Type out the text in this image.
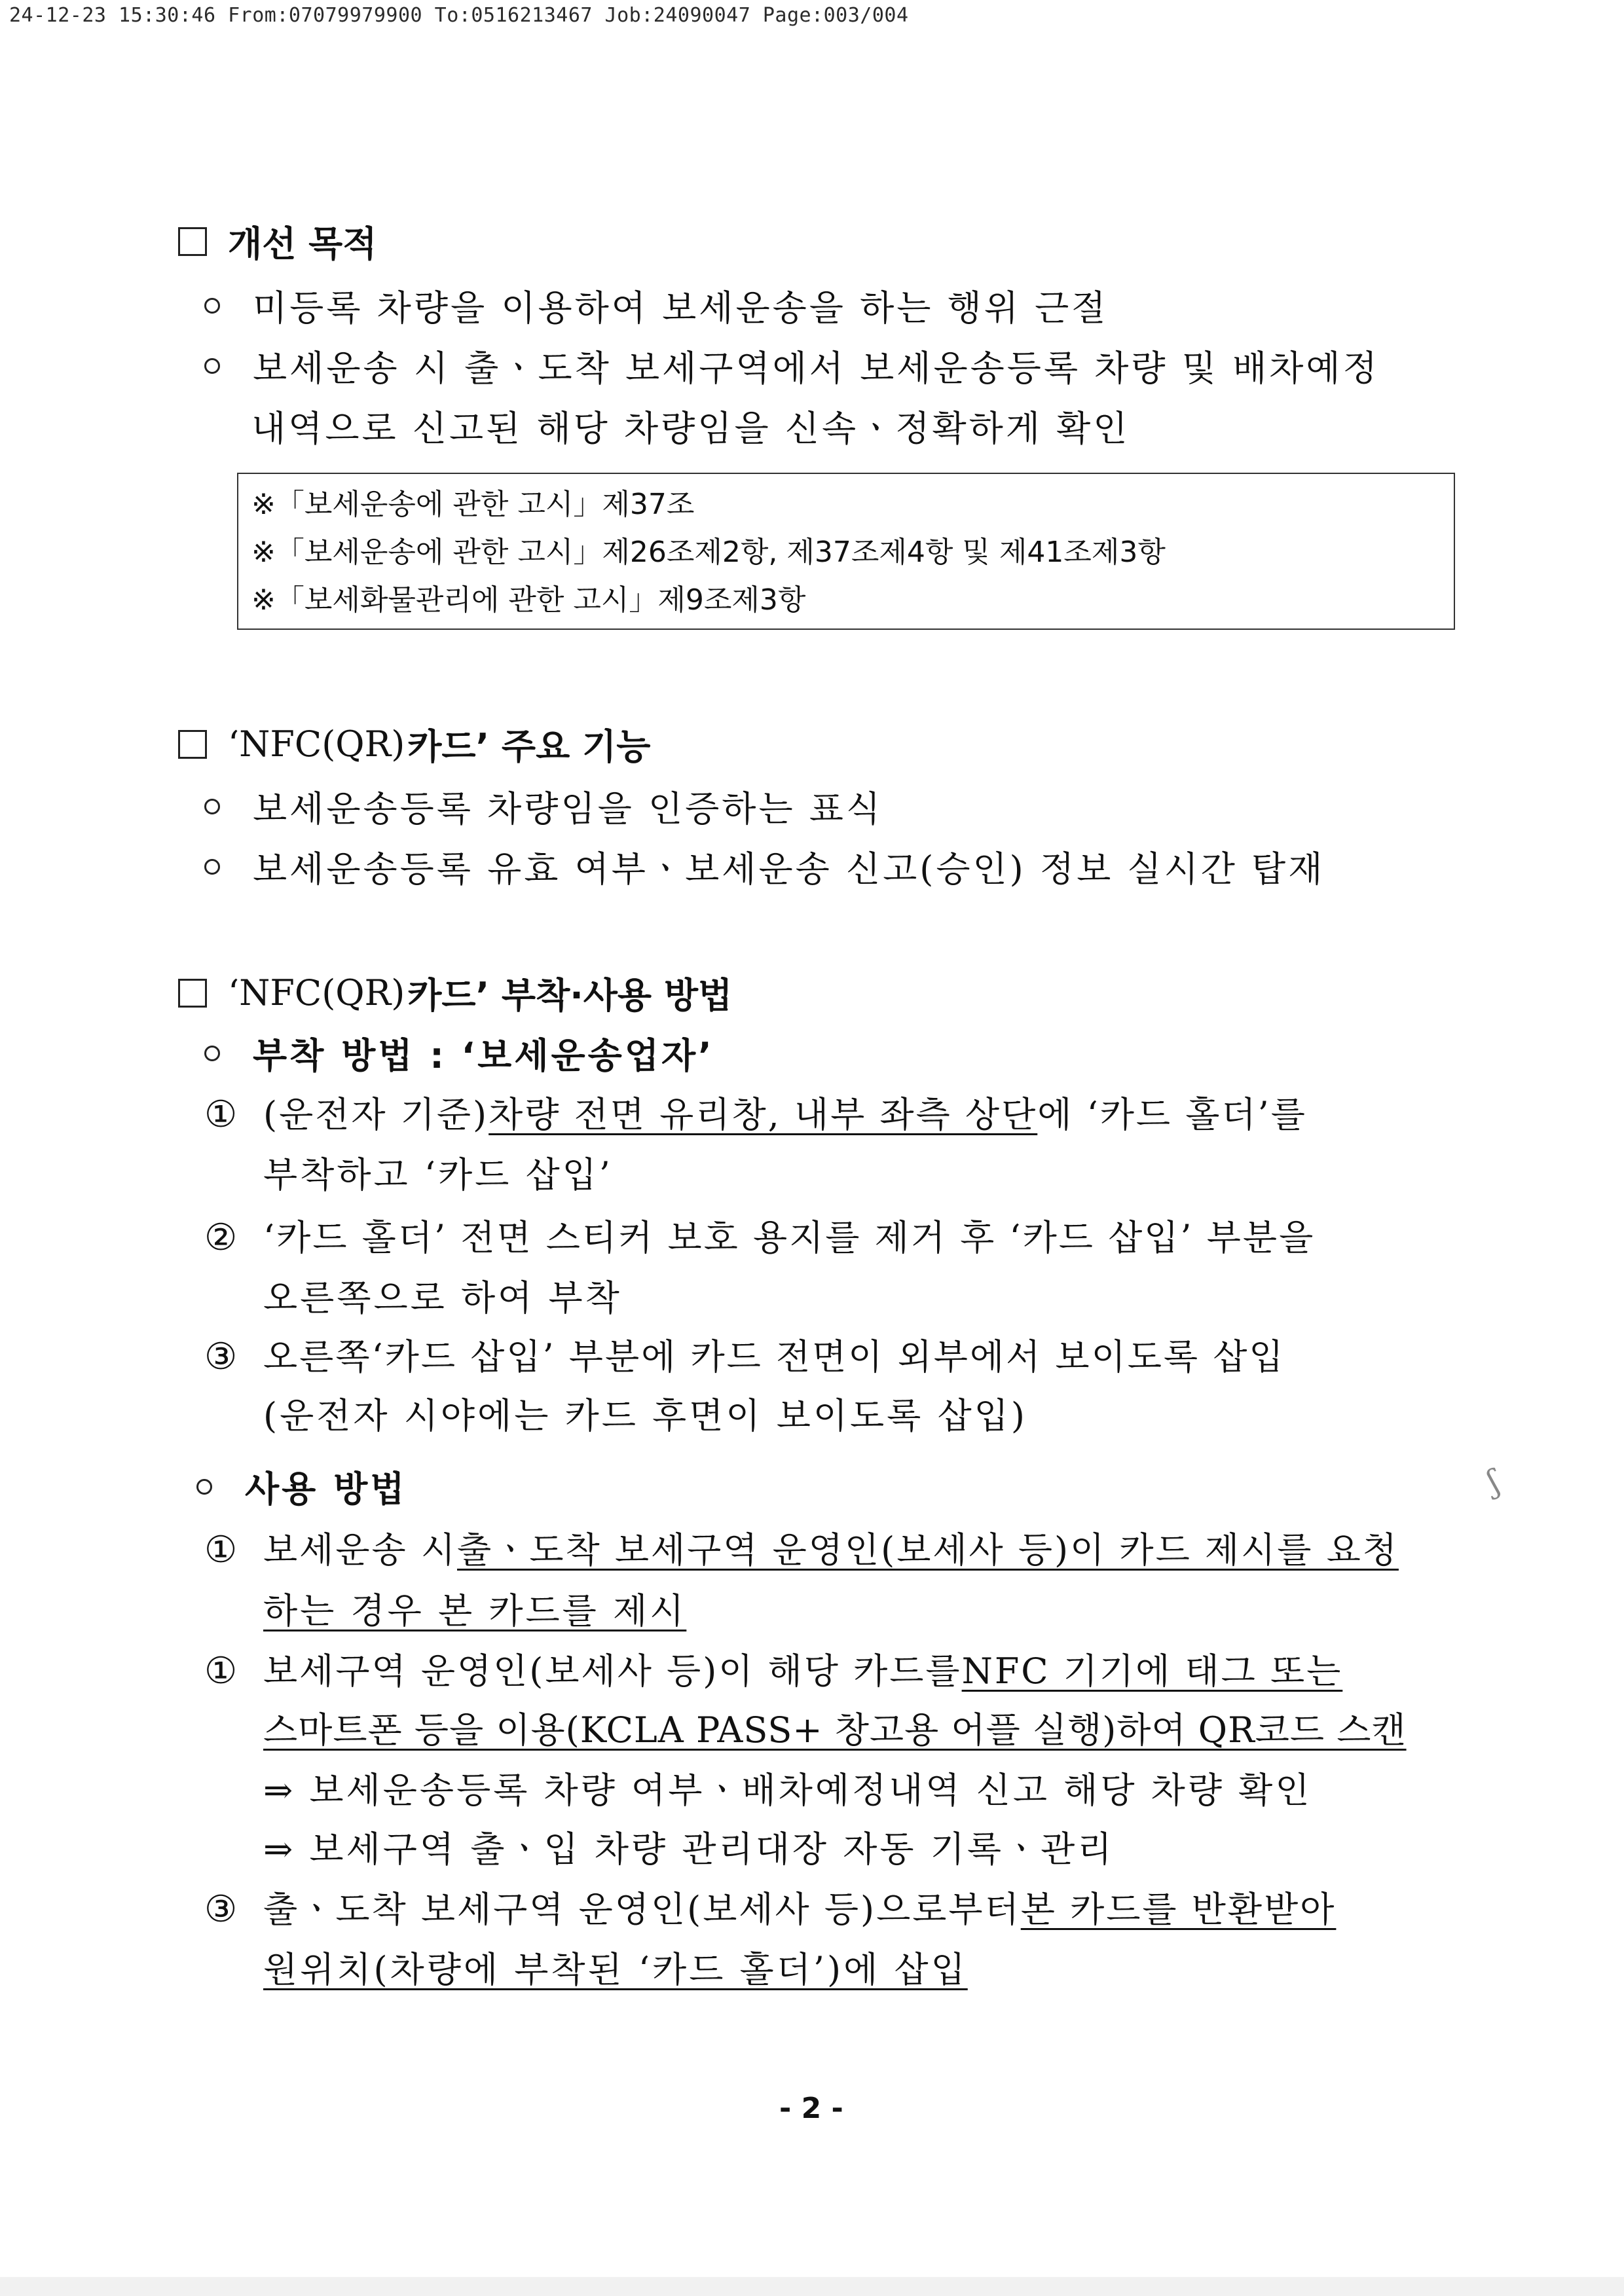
24-12-23 15:30:46 From:07079979900 To:0516213467 Job:24090047 Page:003/004
개선 목적
미등록 차량을 이용하여 보세운송을 하는 행위 근절
보세운송 시 출ㆍ도착 보세구역에서 보세운송등록 차량 및 배차예정
내역으로 신고된 해당 차량임을 신속ㆍ정확하게 확인
※「보세운송에 관한 고시」제37조
※「보세운송에 관한 고시」제26조제2항, 제37조제4항 및 제41조제3항
※「보세화물관리에 관한 고시」제9조제3항
‘NFC(QR) 카드’ 주요 기능
보세운송등록 차량임을 인증하는 표식
보세운송등록 유효 여부ㆍ보세운송 신고(승인) 정보 실시간 탑재
‘NFC(QR) 카드’ 부착·사용 방법
부착 방법 : ‘보세운송업자’
① (운전자 기준) 차량 전면 유리창, 내부 좌측 상단 에 ‘카드 홀더’를
부착하고 ‘카드 삽입’
② ‘카드 홀더’ 전면 스티커 보호 용지를 제거 후 ‘카드 삽입’ 부분을
오른쪽으로 하여 부착
③ 오른쪽‘카드 삽입’ 부분에 카드 전면이 외부에서 보이도록 삽입
(운전자 시야에는 카드 후면이 보이도록 삽입)
사용 방법
① 보세운송 시 출ㆍ도착 보세구역 운영인(보세사 등)이 카드 제시를 요청
하는 경우 본 카드를 제시
① 보세구역 운영인(보세사 등)이 해당 카드를 NFC 기기에 태그 또는
스마트폰 등을 이용(KCLA PASS+ 창고용 어플 실행)하여 QR코드 스캔
⇒ 보세운송등록 차량 여부ㆍ배차예정내역 신고 해당 차량 확인
⇒ 보세구역 출ㆍ입 차량 관리대장 자동 기록ㆍ관리
③ 출ㆍ도착 보세구역 운영인(보세사 등)으로부터 본 카드를 반환받아
원위치(차량에 부착된 ‘카드 홀더’)에 삽입
- 2 -
ʃ
